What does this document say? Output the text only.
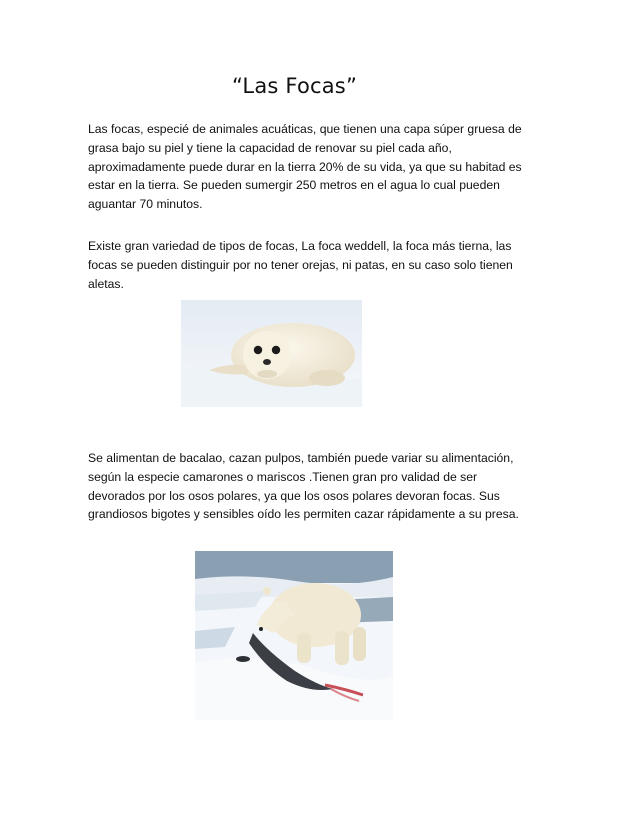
“Las Focas”
Las focas, especié de animales acuáticas, que tienen una capa súper gruesa de
grasa bajo su piel y tiene la capacidad de renovar su piel cada año,
aproximadamente puede durar en la tierra 20% de su vida, ya que su habitad es
estar en la tierra. Se pueden sumergir 250 metros en el agua lo cual pueden
aguantar 70 minutos.
Existe gran variedad de tipos de focas, La foca weddell, la foca más tierna, las
focas se pueden distinguir por no tener orejas, ni patas, en su caso solo tienen
aletas.
Se alimentan de bacalao, cazan pulpos, también puede variar su alimentación,
según la especie camarones o mariscos .Tienen gran pro validad de ser
devorados por los osos polares, ya que los osos polares devoran focas. Sus
grandiosos bigotes y sensibles oído les permiten cazar rápidamente a su presa.
